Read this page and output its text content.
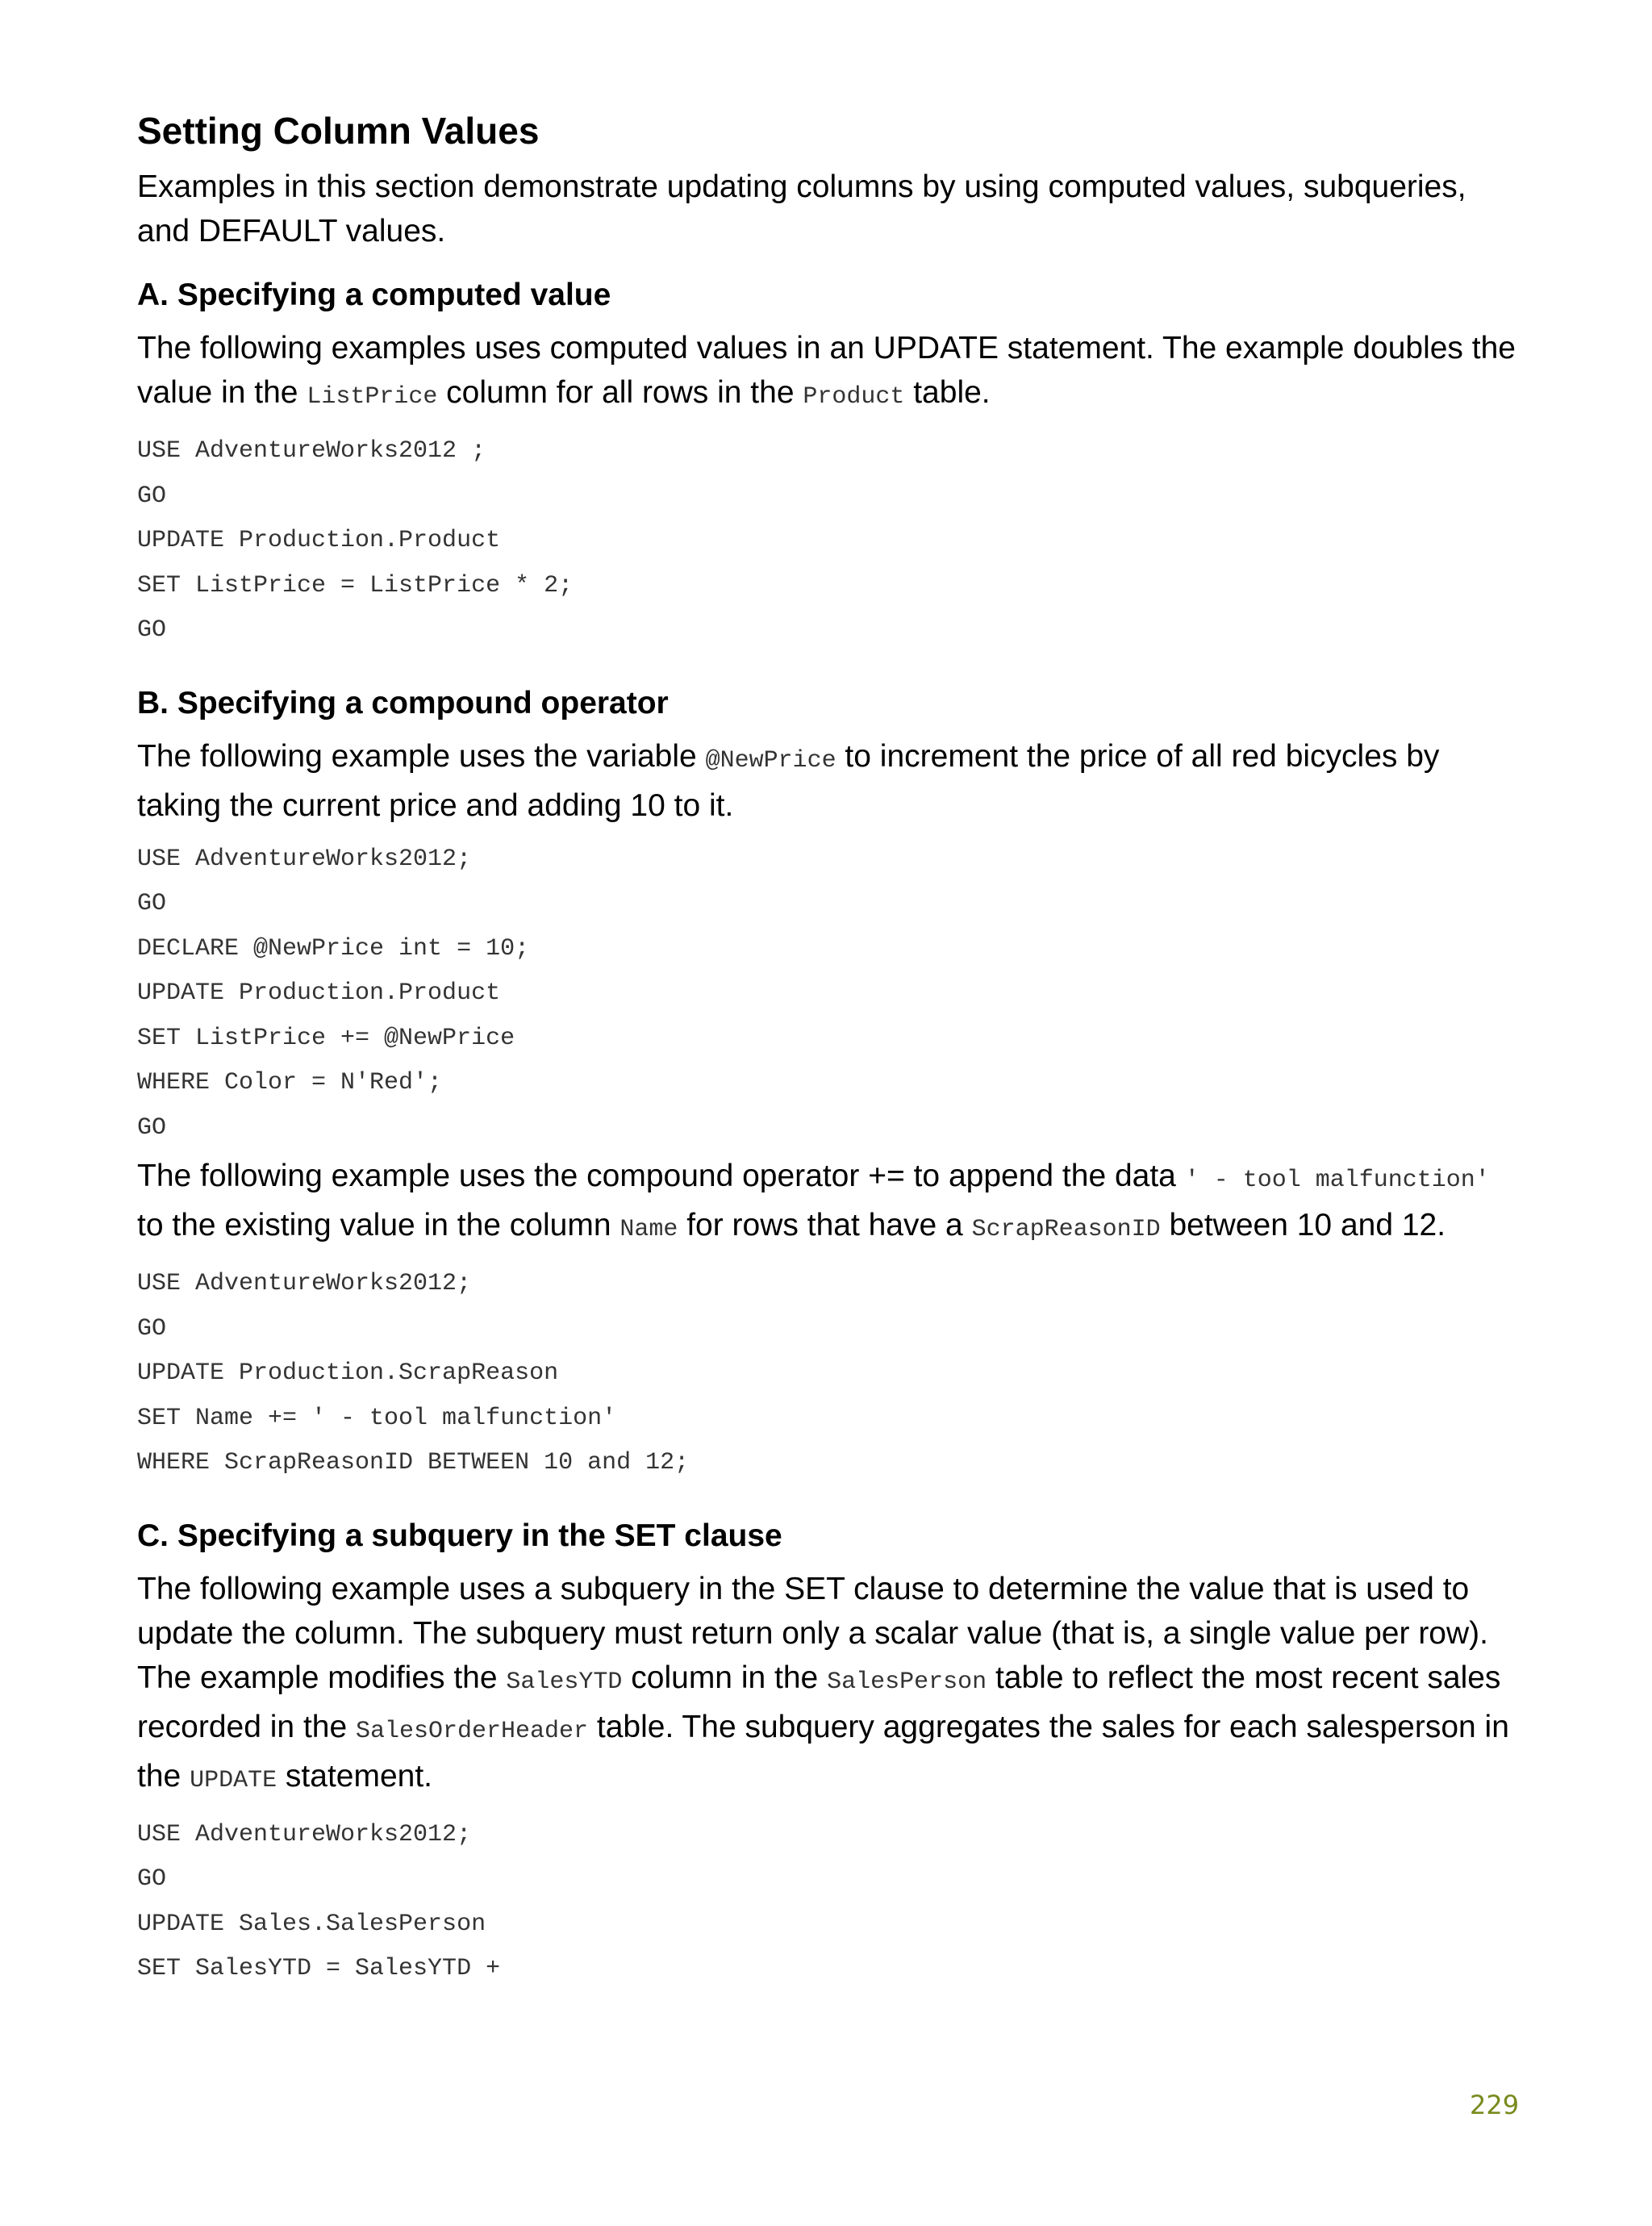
Setting Column Values

Examples in this section demonstrate updating columns by using computed values, subqueries, and DEFAULT values.

A. Specifying a computed value

The following examples uses computed values in an UPDATE statement. The example doubles the value in the ListPrice column for all rows in the Product table.

USE AdventureWorks2012 ;
GO
UPDATE Production.Product
SET ListPrice = ListPrice * 2;
GO
B. Specifying a compound operator

The following example uses the variable @NewPrice to increment the price of all red bicycles by taking the current price and adding 10 to it.

USE AdventureWorks2012;
GO
DECLARE @NewPrice int = 10;
UPDATE Production.Product
SET ListPrice += @NewPrice
WHERE Color = N'Red';
GO

The following example uses the compound operator += to append the data ' - tool malfunction' to the existing value in the column Name for rows that have a ScrapReasonID between 10 and 12.

USE AdventureWorks2012;
GO
UPDATE Production.ScrapReason
SET Name += ' - tool malfunction'
WHERE ScrapReasonID BETWEEN 10 and 12;
C. Specifying a subquery in the SET clause

The following example uses a subquery in the SET clause to determine the value that is used to update the column. The subquery must return only a scalar value (that is, a single value per row). The example modifies the SalesYTD column in the SalesPerson table to reflect the most recent sales recorded in the SalesOrderHeader table. The subquery aggregates the sales for each salesperson in the UPDATE statement.

USE AdventureWorks2012;
GO
UPDATE Sales.SalesPerson
SET SalesYTD = SalesYTD +
229
